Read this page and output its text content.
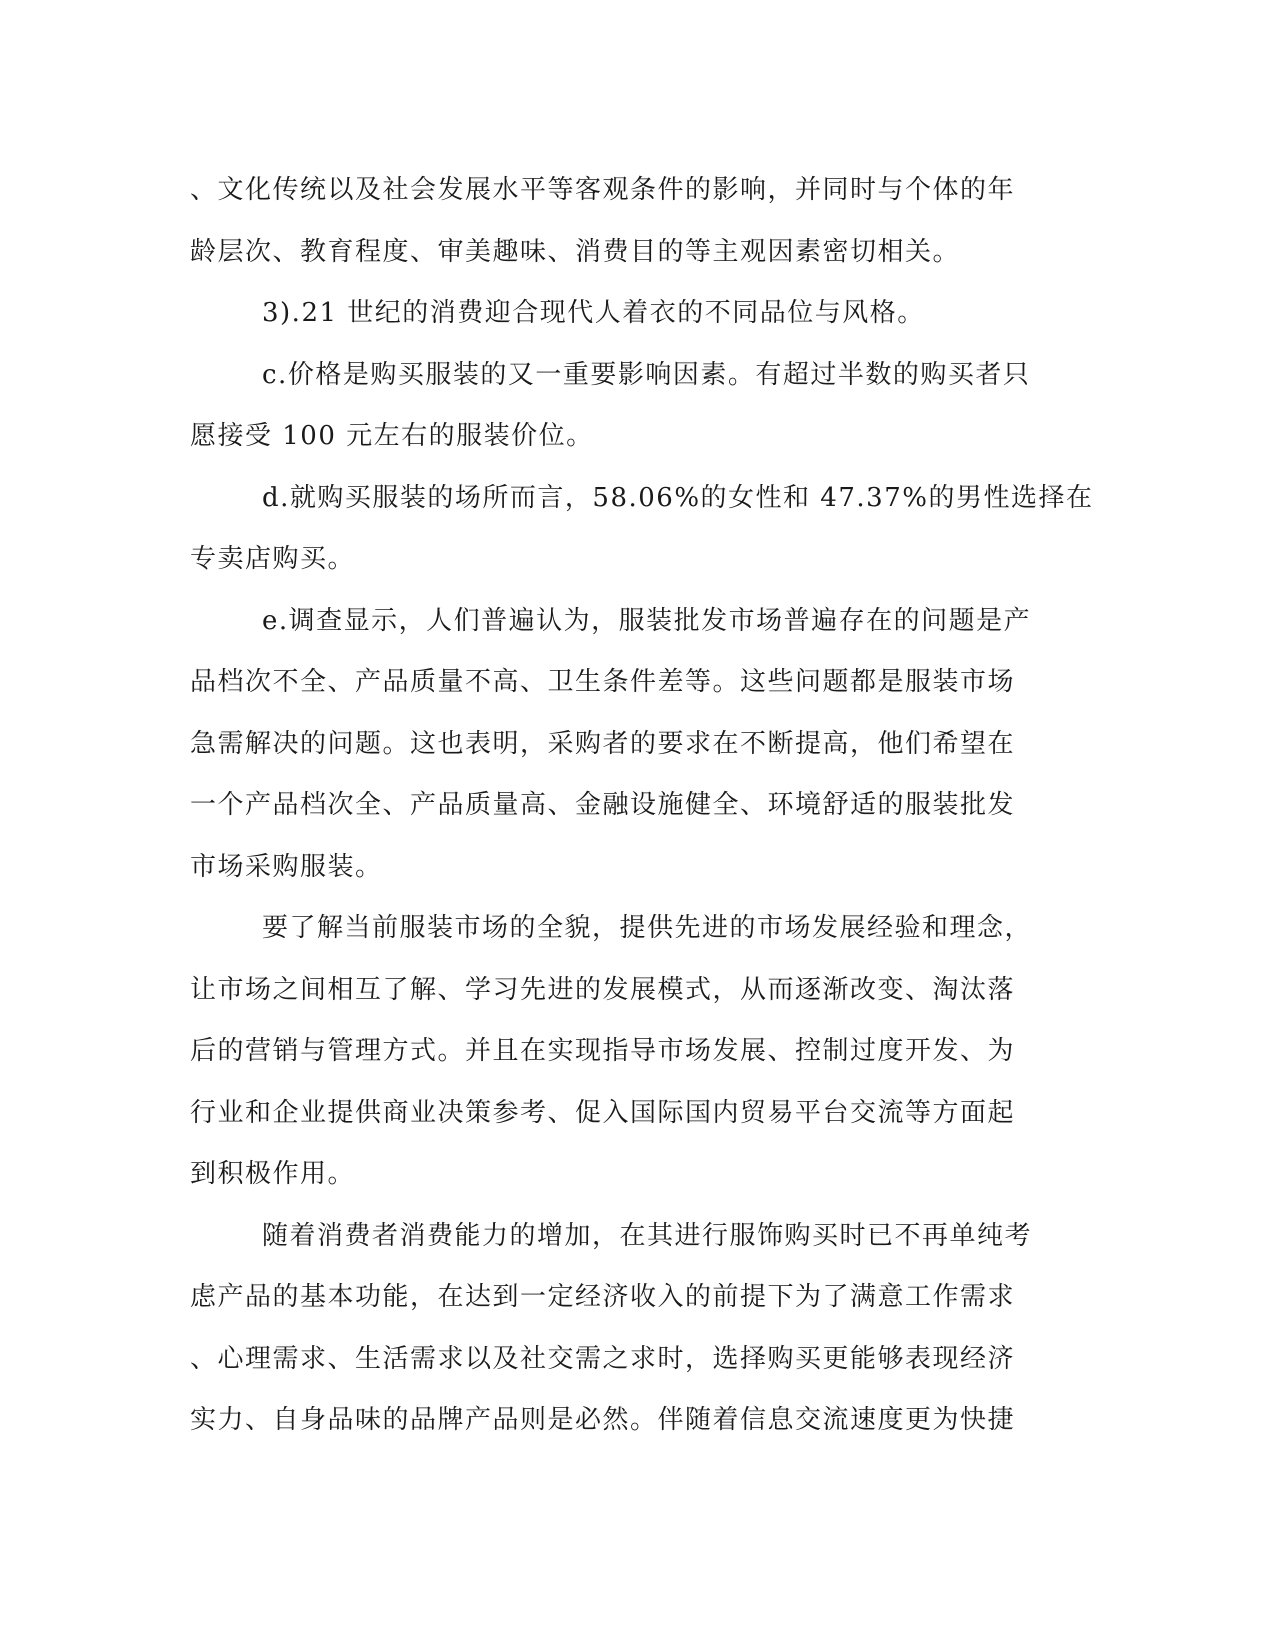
、文化传统以及社会发展水平等客观条件的影响，并同时与个体的年
龄层次、教育程度、审美趣味、消费目的等主观因素密切相关。
3).21 世纪的消费迎合现代人着衣的不同品位与风格。
c.价格是购买服装的又一重要影响因素。有超过半数的购买者只
愿接受 100 元左右的服装价位。
d.就购买服装的场所而言，58.06%的女性和 47.37%的男性选择在
专卖店购买。
e.调查显示，人们普遍认为，服装批发市场普遍存在的问题是产
品档次不全、产品质量不高、卫生条件差等。这些问题都是服装市场
急需解决的问题。这也表明，采购者的要求在不断提高，他们希望在
一个产品档次全、产品质量高、金融设施健全、环境舒适的服装批发
市场采购服装。
要了解当前服装市场的全貌，提供先进的市场发展经验和理念，
让市场之间相互了解、学习先进的发展模式，从而逐渐改变、淘汰落
后的营销与管理方式。并且在实现指导市场发展、控制过度开发、为
行业和企业提供商业决策参考、促入国际国内贸易平台交流等方面起
到积极作用。
随着消费者消费能力的增加，在其进行服饰购买时已不再单纯考
虑产品的基本功能，在达到一定经济收入的前提下为了满意工作需求
、心理需求、生活需求以及社交需之求时，选择购买更能够表现经济
实力、自身品味的品牌产品则是必然。伴随着信息交流速度更为快捷
